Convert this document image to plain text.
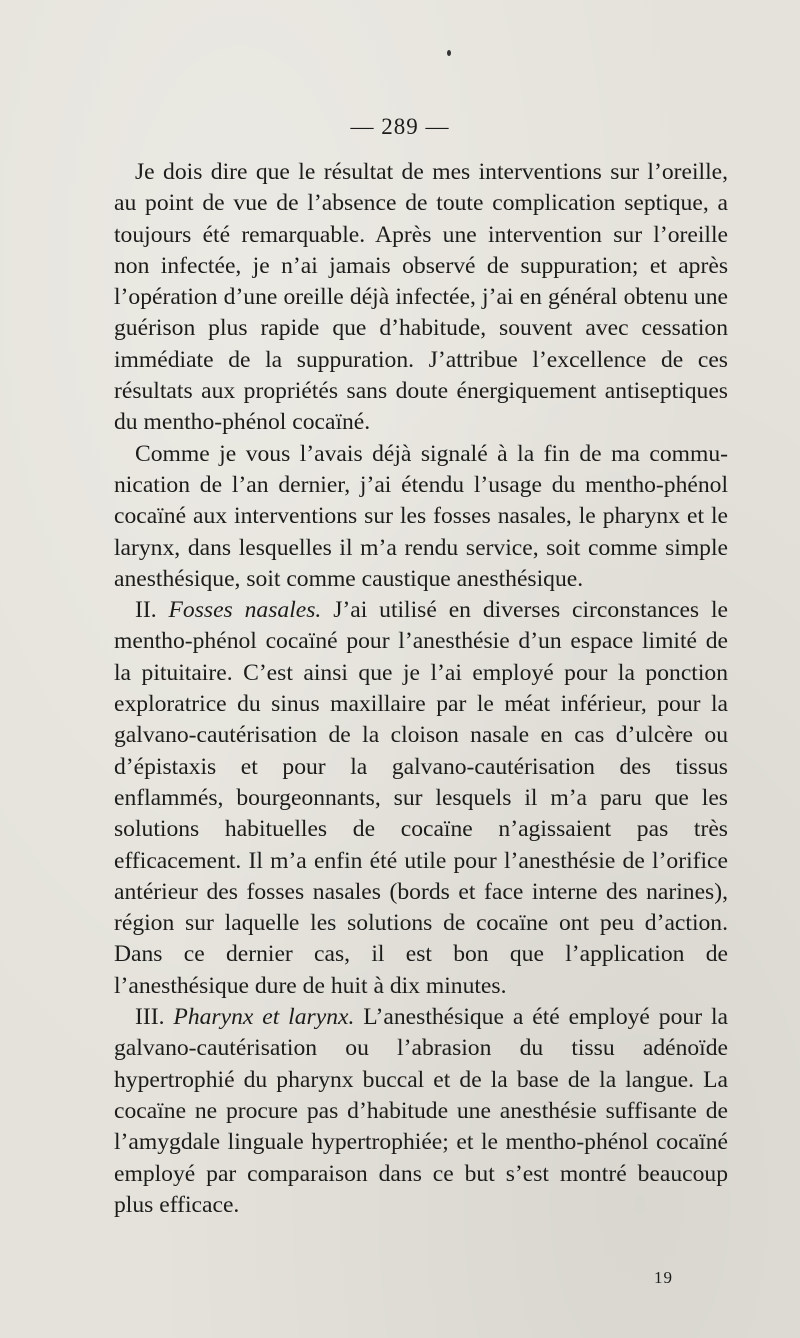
— 289 —

Je dois dire que le résultat de mes interventions sur l’oreille, au point de vue de l’absence de toute complication septique, a toujours été remarquable. Après une intervention sur l’oreille non infectée, je n’ai jamais observé de suppuration; et après l’opération d’une oreille déjà infectée, j’ai en général obtenu une guérison plus rapide que d’habitude, souvent avec cessation immédiate de la suppuration. J’attribue l’excellence de ces résultats aux propriétés sans doute énergiquement antiseptiques du mentho-phénol cocaïné.

Comme je vous l’avais déjà signalé à la fin de ma communication de l’an dernier, j’ai étendu l’usage du mentho-phénol cocaïné aux interventions sur les fosses nasales, le pharynx et le larynx, dans lesquelles il m’a rendu service, soit comme simple anesthésique, soit comme caustique anesthésique.

II. Fosses nasales. J’ai utilisé en diverses circonstances le mentho-phénol cocaïné pour l’anesthésie d’un espace limité de la pituitaire. C’est ainsi que je l’ai employé pour la ponction exploratrice du sinus maxillaire par le méat inférieur, pour la galvano-cautérisation de la cloison nasale en cas d’ulcère ou d’épistaxis et pour la galvano-cautérisation des tissus enflammés, bourgeonnants, sur lesquels il m’a paru que les solutions habituelles de cocaïne n’agissaient pas très efficacement. Il m’a enfin été utile pour l’anesthésie de l’orifice antérieur des fosses nasales (bords et face interne des narines), région sur laquelle les solutions de cocaïne ont peu d’action. Dans ce dernier cas, il est bon que l’application de l’anesthésique dure de huit à dix minutes.

III. Pharynx et larynx. L’anesthésique a été employé pour la galvano-cautérisation ou l’abrasion du tissu adénoïde hypertrophié du pharynx buccal et de la base de la langue. La cocaïne ne procure pas d’habitude une anesthésie suffisante de l’amygdale linguale hypertrophiée; et le mentho-phénol cocaïné employé par comparaison dans ce but s’est montré beaucoup plus efficace.

19
